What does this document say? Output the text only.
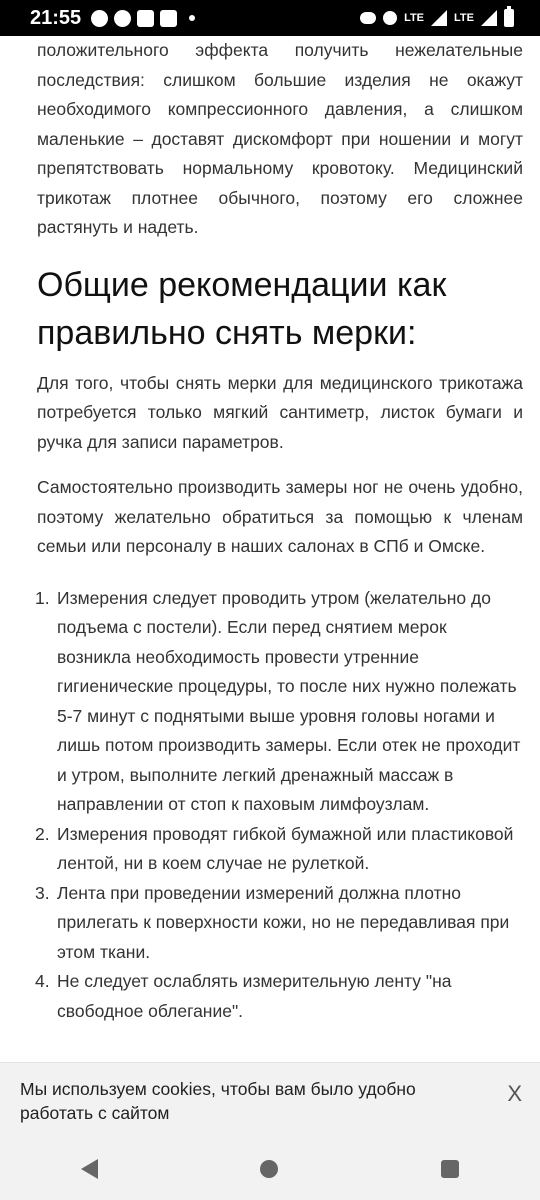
21:55	LTE	LTE

положительного эффекта получить нежелательные последствия: слишком большие изделия не окажут необходимого компрессионного давления, а слишком маленькие – доставят дискомфорт при ношении и могут препятствовать нормальному кровотоку. Медицинский трикотаж плотнее обычного, поэтому его сложнее растянуть и надеть.

Общие рекомендации как правильно снять мерки:

Для того, чтобы снять мерки для медицинского трикотажа потребуется только мягкий сантиметр, листок бумаги и ручка для записи параметров.

Самостоятельно производить замеры ног не очень удобно, поэтому желательно обратиться за помощью к членам семьи или персоналу в наших салонах в СПб и Омске.

1. Измерения следует проводить утром (желательно до подъема с постели). Если перед снятием мерок возникла необходимость провести утренние гигиенические процедуры, то после них нужно полежать 5-7 минут с поднятыми выше уровня головы ногами и лишь потом производить замеры. Если отек не проходит и утром, выполните легкий дренажный массаж в направлении от стоп к паховым лимфоузлам.
2. Измерения проводят гибкой бумажной или пластиковой лентой, ни в коем случае не рулеткой.
3. Лента при проведении измерений должна плотно прилегать к поверхности кожи, но не передавливая при этом ткани.
4. Не следует ослаблять измерительную ленту "на свободное облегание".
Мы используем cookies, чтобы вам было удобно работать с сайтом
X
